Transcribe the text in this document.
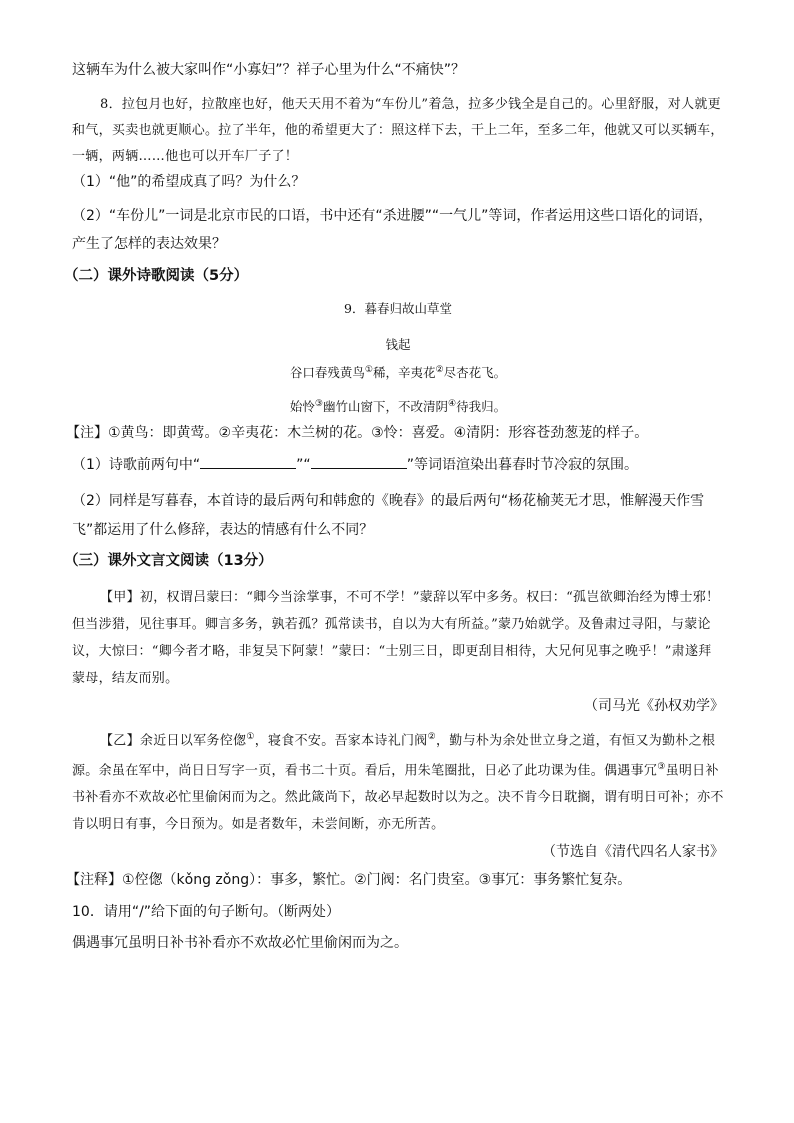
这辆车为什么被大家叫作“小寡妇”？祥子心里为什么“不痛快”？

8．拉包月也好，拉散座也好，他天天用不着为“车份儿”着急，拉多少钱全是自己的。心里舒服，对人就更和气，买卖也就更顺心。拉了半年，他的希望更大了：照这样下去，干上二年，至多二年，他就又可以买辆车，一辆，两辆……他也可以开车厂子了！

（1）“他”的希望成真了吗？为什么？

（2）“车份儿”一词是北京市民的口语，书中还有“杀进腰”“一气儿”等词，作者运用这些口语化的词语，产生了怎样的表达效果？

（二）课外诗歌阅读（5分）

9．暮春归故山草堂

钱起

谷口春残黄鸟①稀，辛夷花②尽杏花飞。

始怜③幽竹山窗下，不改清阴④待我归。

【注】①黄鸟：即黄莺。②辛夷花：木兰树的花。③怜：喜爱。④清阴：形容苍劲葱茏的样子。

（1）诗歌前两句中“	”“	”等词语渲染出暮春时节冷寂的氛围。

（2）同样是写暮春，本首诗的最后两句和韩愈的《晚春》的最后两句“杨花榆荚无才思，惟解漫天作雪飞”都运用了什么修辞，表达的情感有什么不同？

（三）课外文言文阅读（13分）

【甲】初，权谓吕蒙曰：“卿今当涂掌事，不可不学！”蒙辞以军中多务。权曰：“孤岂欲卿治经为博士邪！但当涉猎，见往事耳。卿言多务，孰若孤？孤常读书，自以为大有所益。”蒙乃始就学。及鲁肃过寻阳，与蒙论议，大惊曰：“卿今者才略，非复吴下阿蒙！”蒙曰：“士别三日，即更刮目相待，大兄何见事之晚乎！”肃遂拜蒙母，结友而别。

（司马光《孙权劝学》

【乙】余近日以军务倥偬①，寝食不安。吾家本诗礼门阀②，勤与朴为余处世立身之道，有恒又为勤朴之根源。余虽在军中，尚日日写字一页，看书二十页。看后，用朱笔圈批，日必了此功课为佳。偶遇事冗③虽明日补书补看亦不欢故必忙里偷闲而为之。然此箴尚下，故必早起数时以为之。决不肯今日耽搁，谓有明日可补；亦不肯以明日有事，今日预为。如是者数年，未尝间断，亦无所苦。

（节选自《清代四名人家书》

【注释】①倥偬（kǒng zǒng）：事多，繁忙。②门阀：名门贵室。③事冗：事务繁忙复杂。

10．请用“/”给下面的句子断句。（断两处）

偶遇事冗虽明日补书补看亦不欢故必忙里偷闲而为之。
